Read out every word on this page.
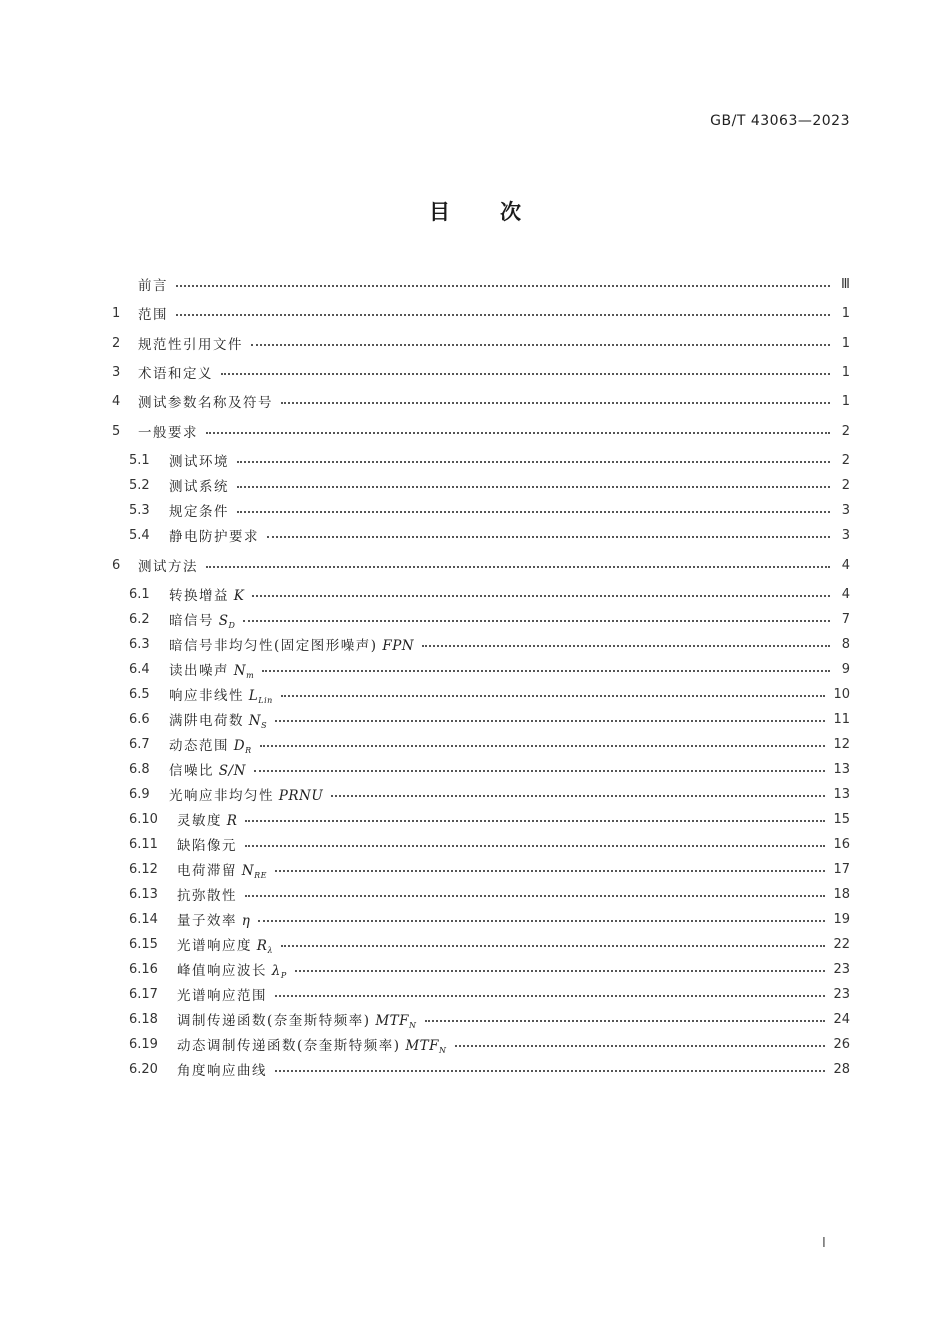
GB/T 43063—2023
目 次
前言	Ⅲ
1	范围	1
2	规范性引用文件	1
3	术语和定义	1
4	测试参数名称及符号	1
5	一般要求	2
5.1	测试环境	2
5.2	测试系统	2
5.3	规定条件	3
5.4	静电防护要求	3
6	测试方法	4
6.1	转换增益 K	4
6.2	暗信号 $S_D$	7
6.3	暗信号非均匀性(固定图形噪声) FPN	8
6.4	读出噪声 $N_m$	9
6.5	响应非线性 $L_{Lin}$	10
6.6	满阱电荷数 $N_S$	11
6.7	动态范围 $D_R$	12
6.8	信噪比 S/N	13
6.9	光响应非均匀性 PRNU	13
6.10	灵敏度 R	15
6.11	缺陷像元	16
6.12	电荷滞留 $N_{RE}$	17
6.13	抗弥散性	18
6.14	量子效率 η	19
6.15	光谱响应度 $R_\lambda$	22
6.16	峰值响应波长 $\lambda_P$	23
6.17	光谱响应范围	23
6.18	调制传递函数(奈奎斯特频率) $MTF_N$	24
6.19	动态调制传递函数(奈奎斯特频率) $MTF_N$	26
6.20	角度响应曲线	28
I
